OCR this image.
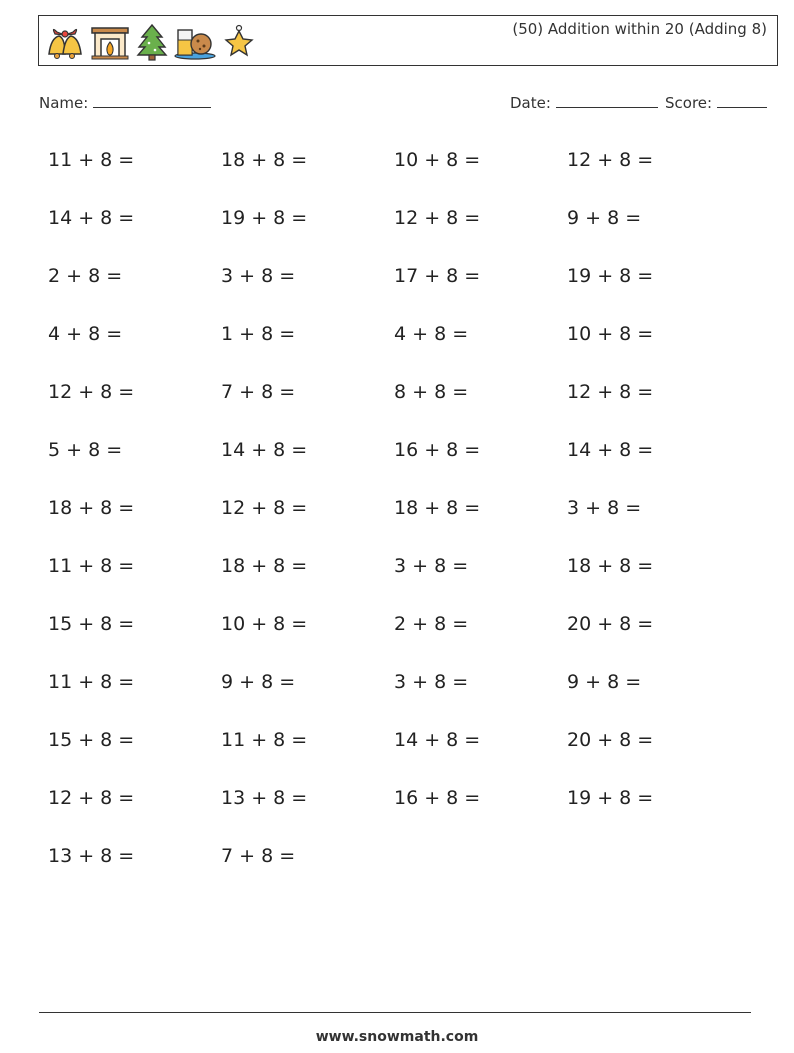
(50) Addition within 20 (Adding 8)
Name:	Date:	Score:
11 + 8 =	18 + 8 =	10 + 8 =	12 + 8 =
14 + 8 =	19 + 8 =	12 + 8 =	9 + 8 =
2 + 8 =	3 + 8 =	17 + 8 =	19 + 8 =
4 + 8 =	1 + 8 =	4 + 8 =	10 + 8 =
12 + 8 =	7 + 8 =	8 + 8 =	12 + 8 =
5 + 8 =	14 + 8 =	16 + 8 =	14 + 8 =
18 + 8 =	12 + 8 =	18 + 8 =	3 + 8 =
11 + 8 =	18 + 8 =	3 + 8 =	18 + 8 =
15 + 8 =	10 + 8 =	2 + 8 =	20 + 8 =
11 + 8 =	9 + 8 =	3 + 8 =	9 + 8 =
15 + 8 =	11 + 8 =	14 + 8 =	20 + 8 =
12 + 8 =	13 + 8 =	16 + 8 =	19 + 8 =
13 + 8 =	7 + 8 =
www.snowmath.com
